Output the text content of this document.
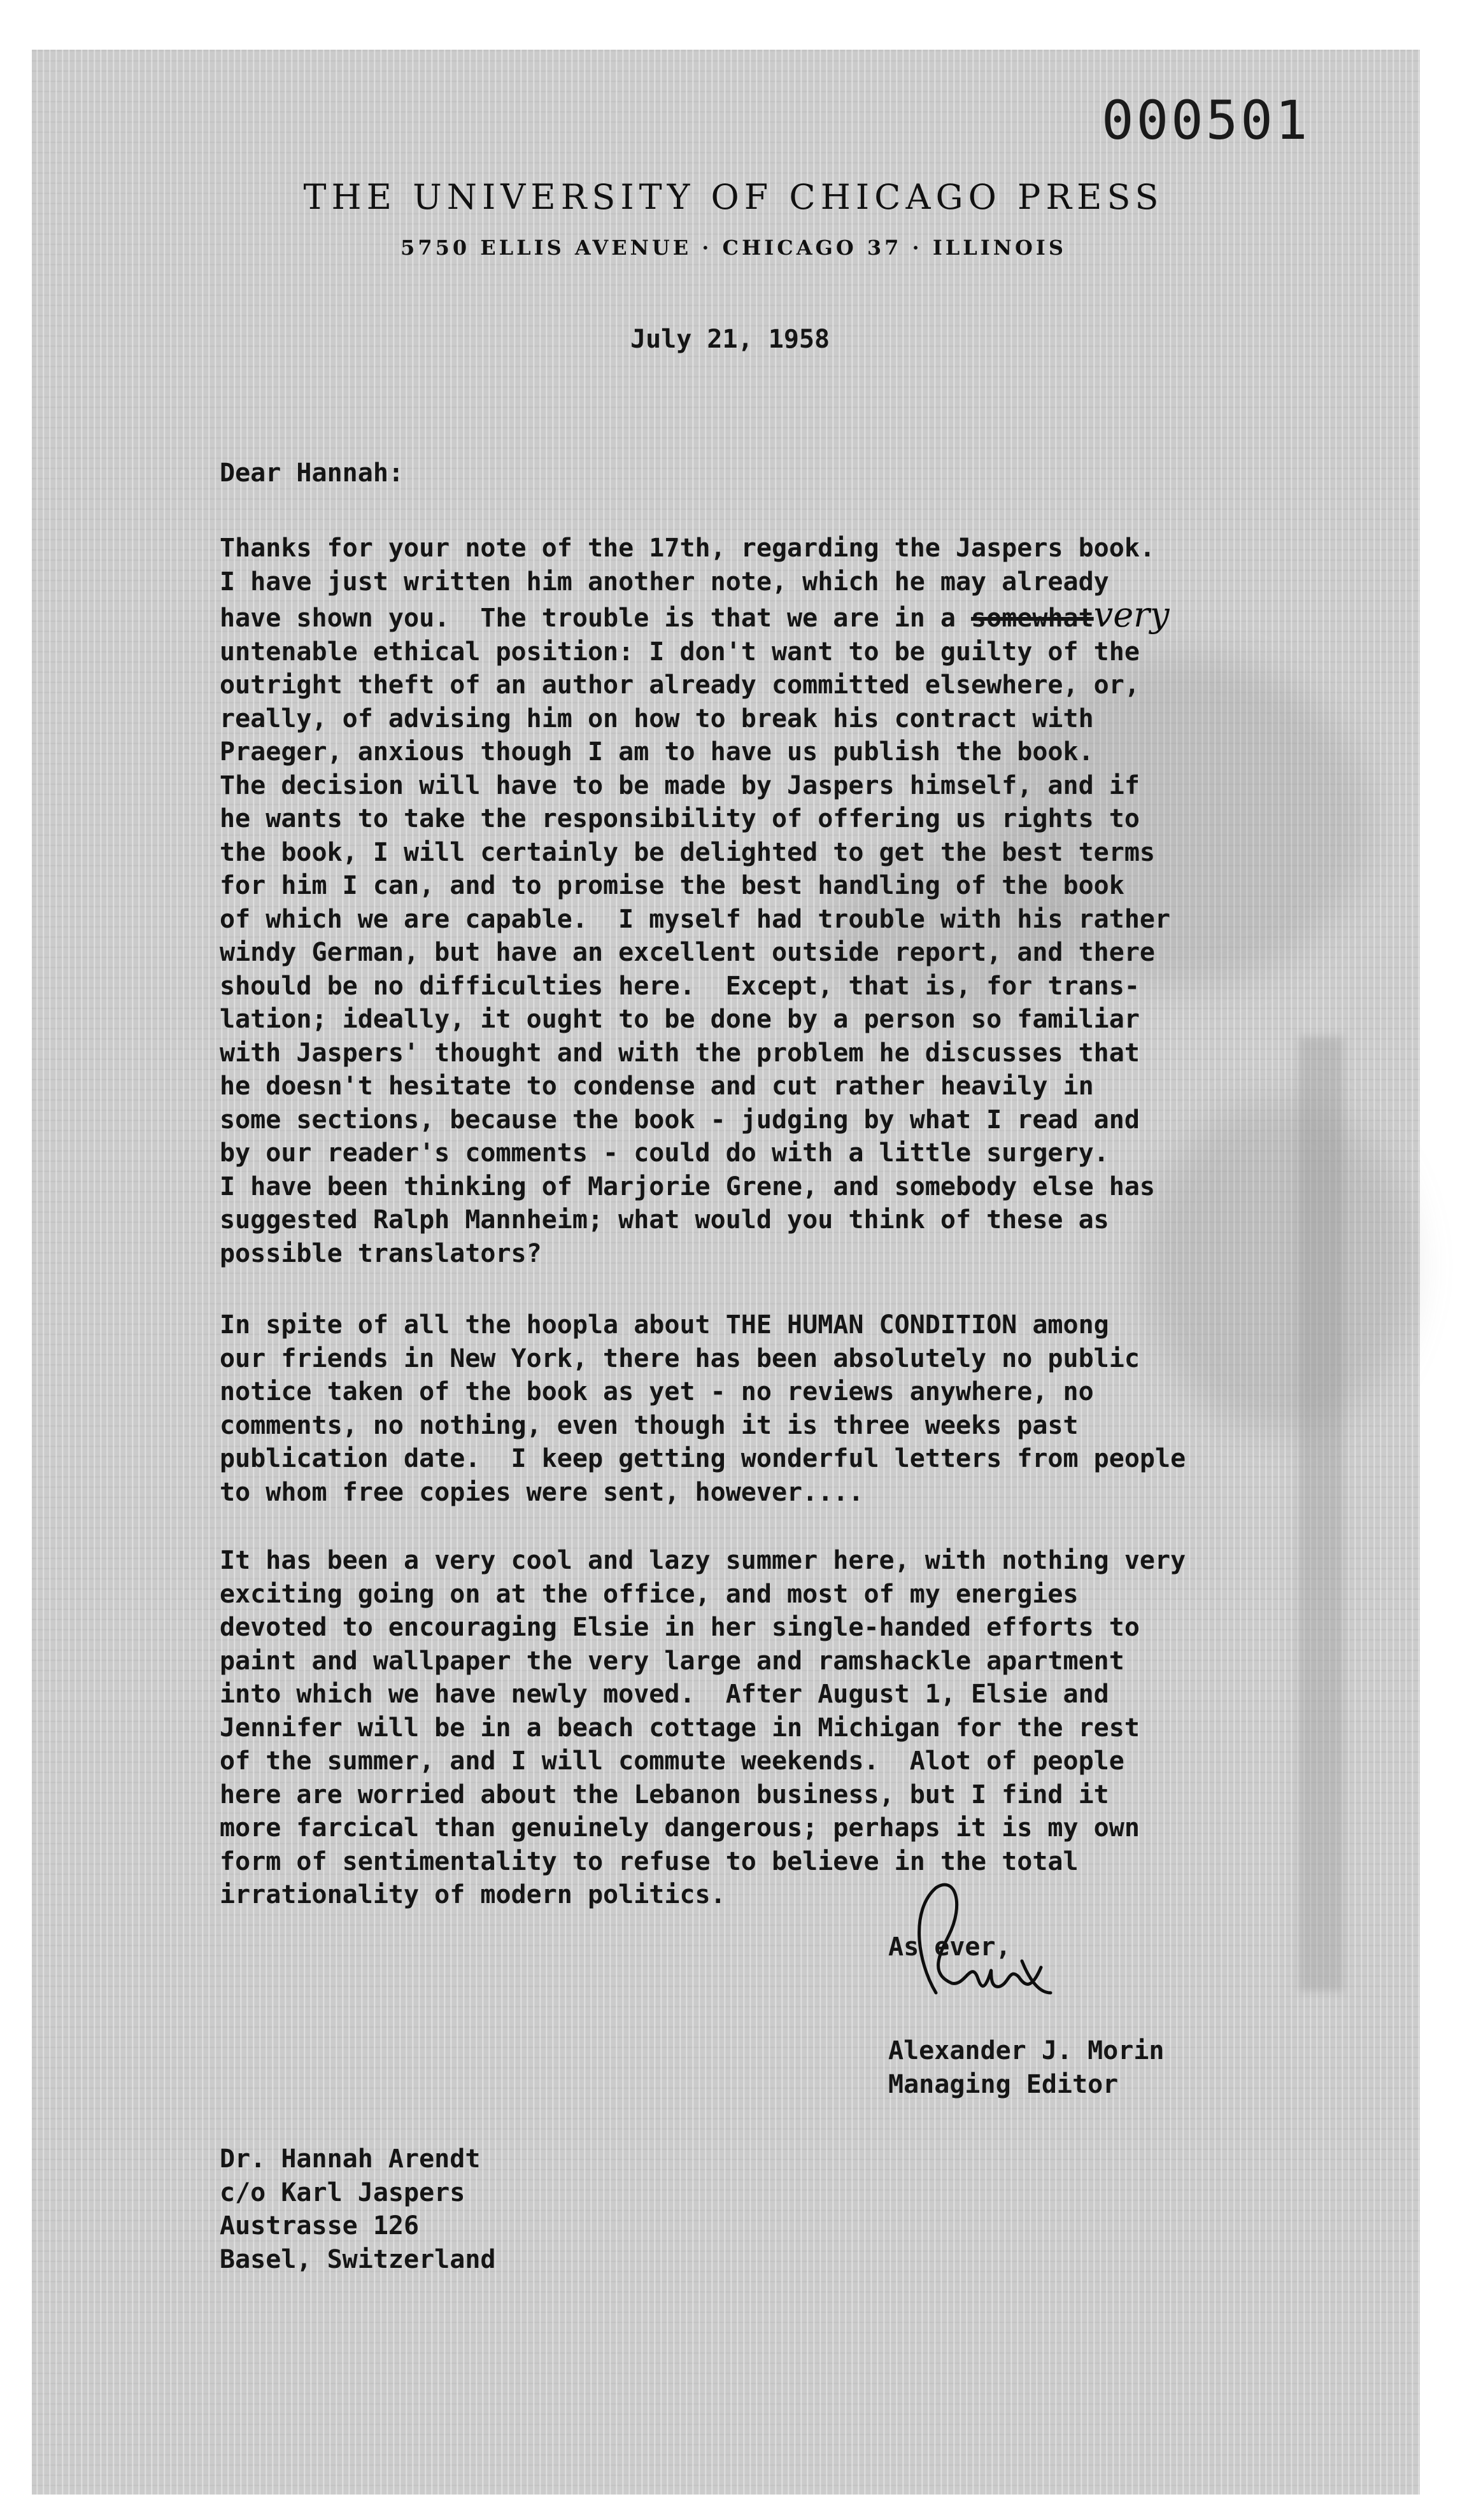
000501
THE UNIVERSITY OF CHICAGO PRESS
5750 ELLIS AVENUE · CHICAGO 37 · ILLINOIS
July 21, 1958
Dear Hannah:
Thanks for your note of the 17th, regarding the Jaspers book.
I have just written him another note, which he may already
have shown you.  The trouble is that we are in a somewhatvery
untenable ethical position: I don't want to be guilty of the
outright theft of an author already committed elsewhere, or,
really, of advising him on how to break his contract with
Praeger, anxious though I am to have us publish the book.
The decision will have to be made by Jaspers himself, and if
he wants to take the responsibility of offering us rights to
the book, I will certainly be delighted to get the best terms
for him I can, and to promise the best handling of the book
of which we are capable.  I myself had trouble with his rather
windy German, but have an excellent outside report, and there
should be no difficulties here.  Except, that is, for trans-
lation; ideally, it ought to be done by a person so familiar
with Jaspers' thought and with the problem he discusses that
he doesn't hesitate to condense and cut rather heavily in
some sections, because the book - judging by what I read and
by our reader's comments - could do with a little surgery.
I have been thinking of Marjorie Grene, and somebody else has
suggested Ralph Mannheim; what would you think of these as
possible translators?
In spite of all the hoopla about THE HUMAN CONDITION among
our friends in New York, there has been absolutely no public
notice taken of the book as yet - no reviews anywhere, no
comments, no nothing, even though it is three weeks past
publication date.  I keep getting wonderful letters from people
to whom free copies were sent, however....
It has been a very cool and lazy summer here, with nothing very
exciting going on at the office, and most of my energies
devoted to encouraging Elsie in her single-handed efforts to
paint and wallpaper the very large and ramshackle apartment
into which we have newly moved.  After August 1, Elsie and
Jennifer will be in a beach cottage in Michigan for the rest
of the summer, and I will commute weekends.  Alot of people
here are worried about the Lebanon business, but I find it
more farcical than genuinely dangerous; perhaps it is my own
form of sentimentality to refuse to believe in the total
irrationality of modern politics.
As ever,
Alexander J. Morin
Managing Editor
Dr. Hannah Arendt
c/o Karl Jaspers
Austrasse 126
Basel, Switzerland
